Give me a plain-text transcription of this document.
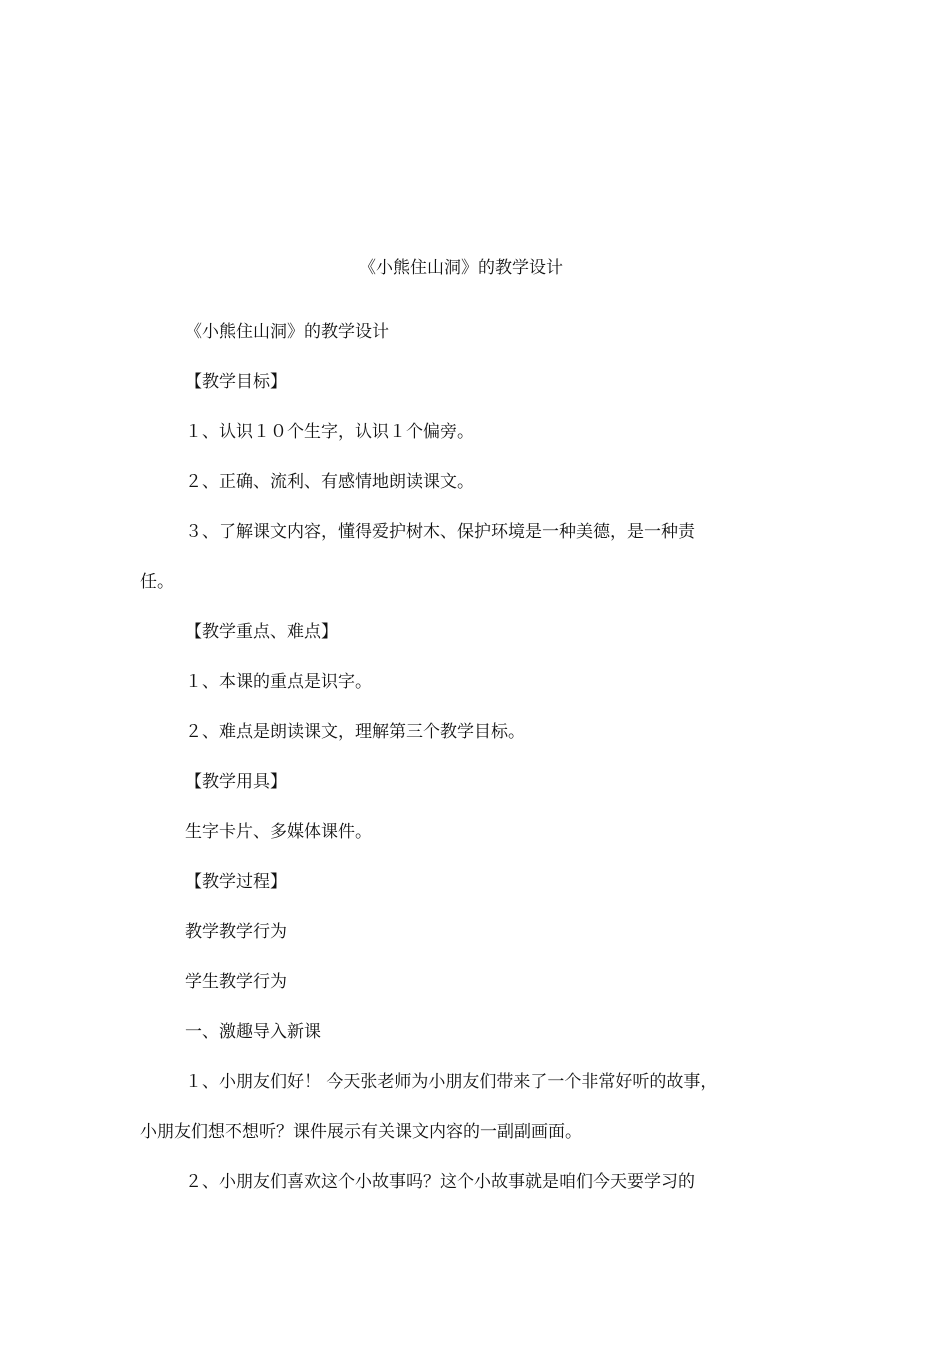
《小熊住山洞》的教学设计
《小熊住山洞》的教学设计
【教学目标】
１、认识１０个生字，认识１个偏旁。
２、正确、流利、有感情地朗读课文。
３、了解课文内容，懂得爱护树木、保护环境是一种美德，是一种责
任。
【教学重点、难点】
１、本课的重点是识字。
２、难点是朗读课文，理解第三个教学目标。
【教学用具】
生字卡片、多媒体课件。
【教学过程】
教学教学行为
学生教学行为
一、激趣导入新课
１、小朋友们好！ 今天张老师为小朋友们带来了一个非常好听的故事，
小朋友们想不想听？课件展示有关课文内容的一副副画面。
２、小朋友们喜欢这个小故事吗？这个小故事就是咱们今天要学习的
